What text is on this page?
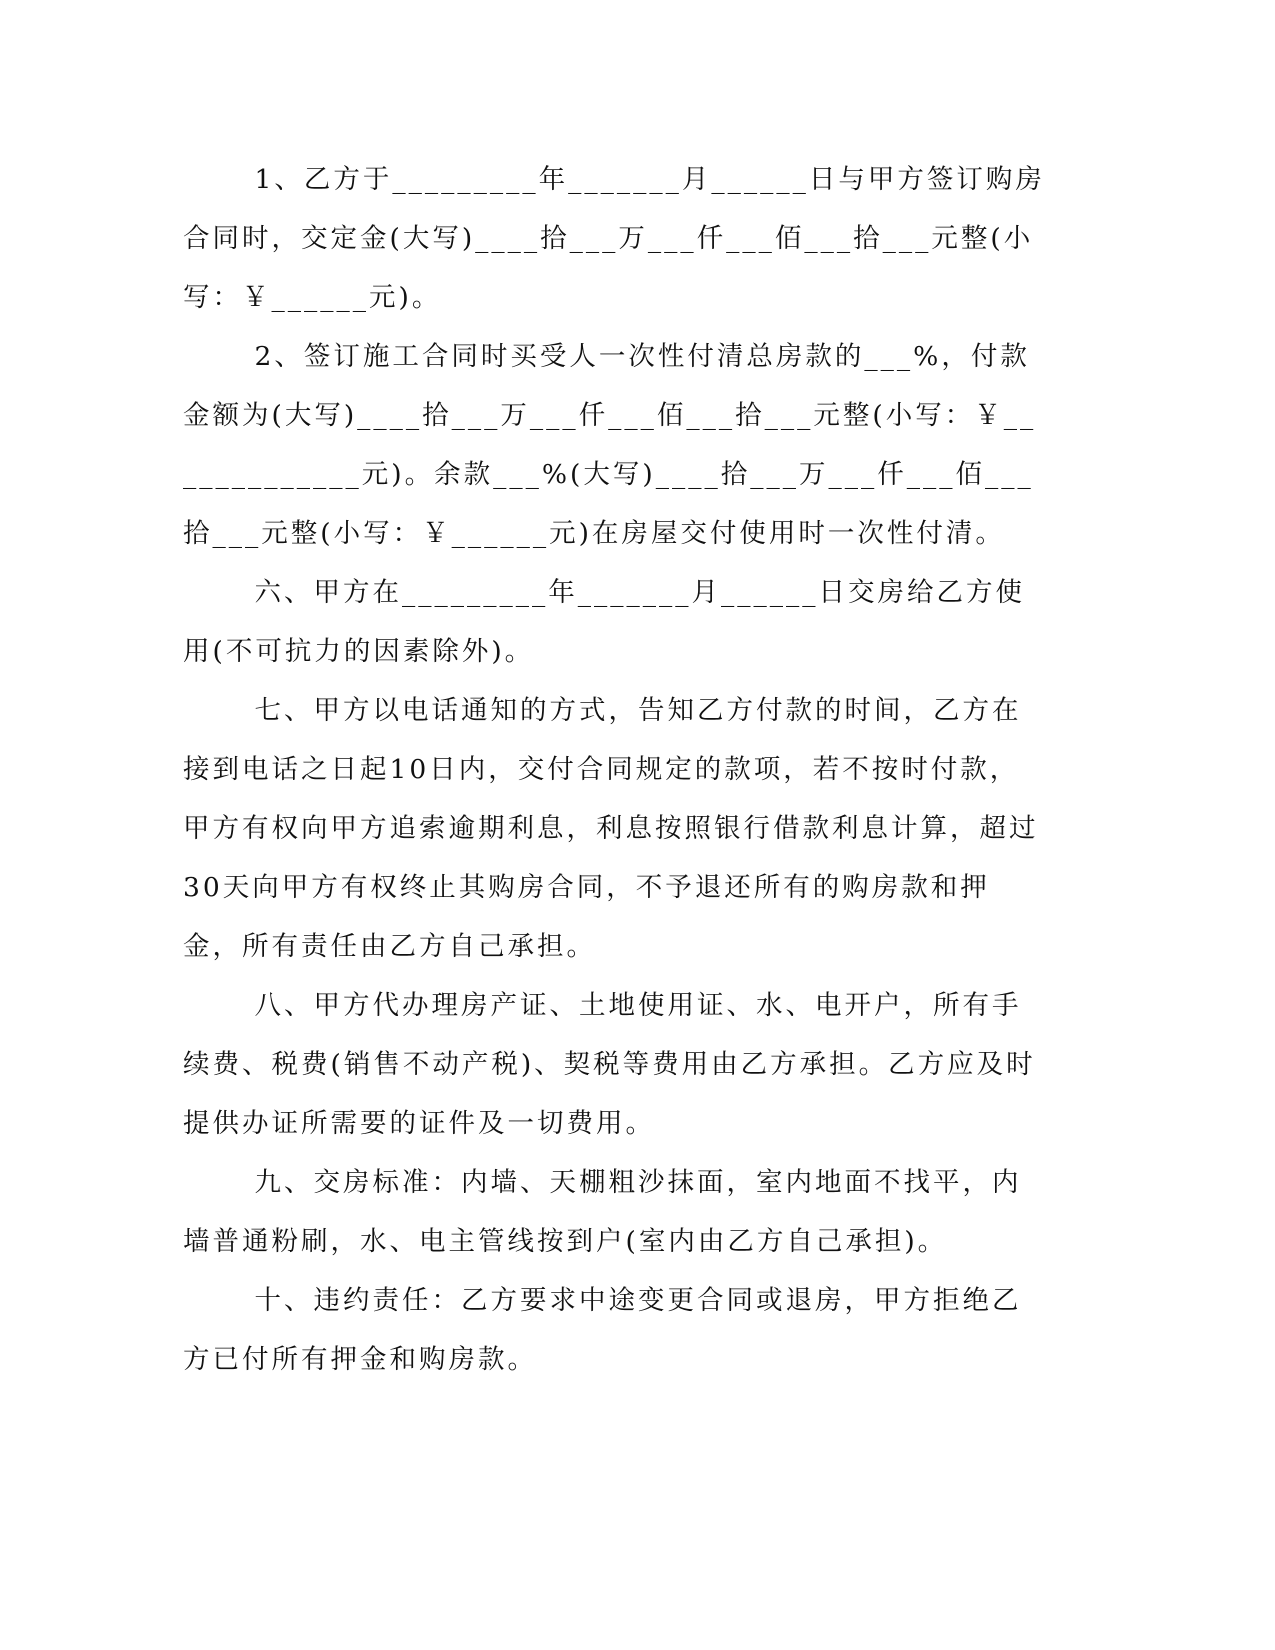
1、乙方于_________年_______月______日与甲方签订购房合同时，交定金(大写)____拾___万___仟___佰___拾___元整(小写：￥______元)。

2、签订施工合同时买受人一次性付清总房款的___%，付款金额为(大写)____拾___万___仟___佰___拾___元整(小写：￥_____________元)。余款___%(大写)____拾___万___仟___佰___拾___元整(小写：￥______元)在房屋交付使用时一次性付清。

六、甲方在_________年_______月______日交房给乙方使用(不可抗力的因素除外)。

七、甲方以电话通知的方式，告知乙方付款的时间，乙方在接到电话之日起10日内，交付合同规定的款项，若不按时付款，甲方有权向甲方追索逾期利息，利息按照银行借款利息计算，超过30天向甲方有权终止其购房合同，不予退还所有的购房款和押金，所有责任由乙方自己承担。

八、甲方代办理房产证、土地使用证、水、电开户，所有手续费、税费(销售不动产税)、契税等费用由乙方承担。乙方应及时提供办证所需要的证件及一切费用。

九、交房标准：内墙、天棚粗沙抹面，室内地面不找平，内墙普通粉刷，水、电主管线按到户(室内由乙方自己承担)。

十、违约责任：乙方要求中途变更合同或退房，甲方拒绝乙方已付所有押金和购房款。
